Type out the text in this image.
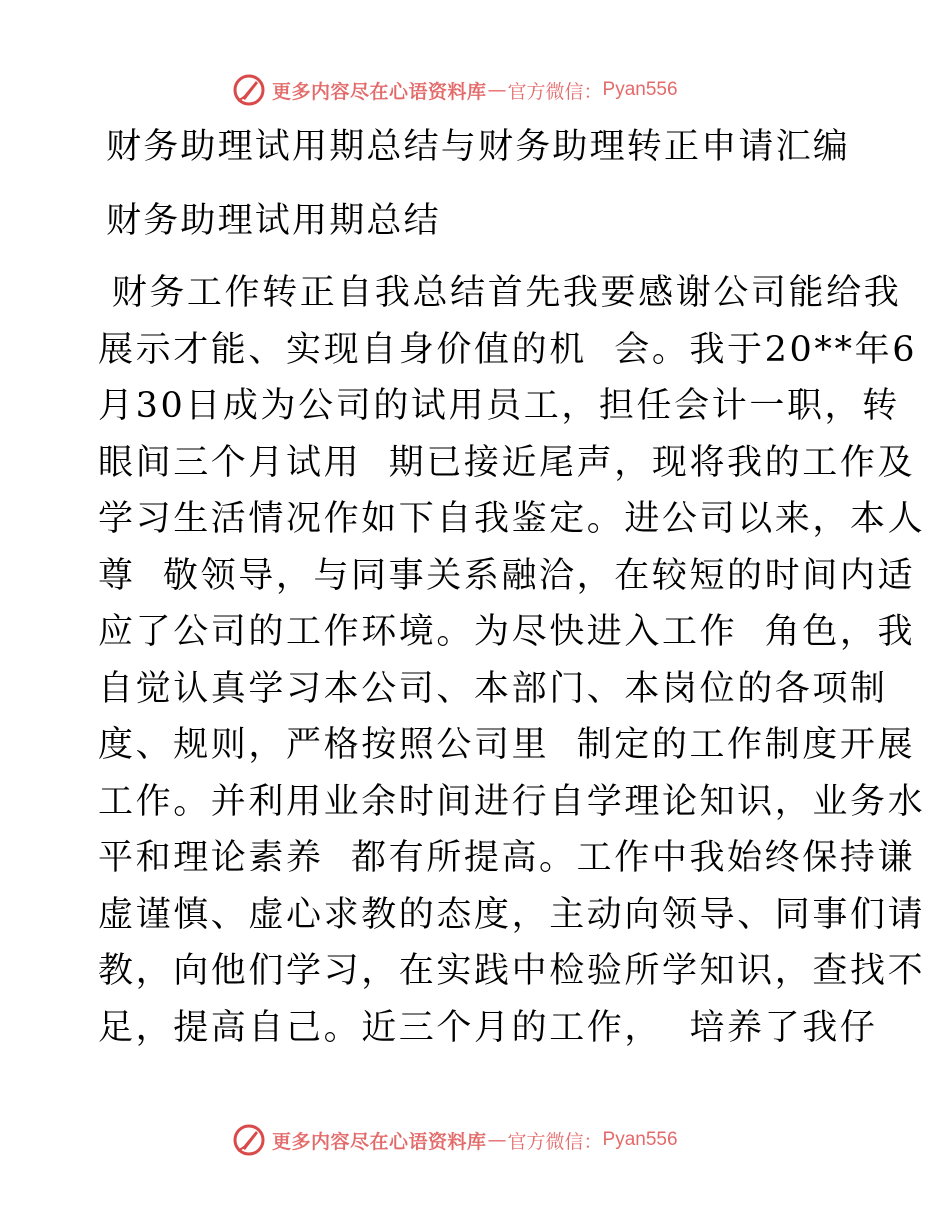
更多内容尽在心语资料库 — 官方微信： Pyan556
财务助理试用期总结与财务助理转正申请汇编
财务助理试用期总结
财务工作转正自我总结首先我要感谢公司能给我
展示才能、实现自身价值的机  会。我于20**年6
月30日成为公司的试用员工，担任会计一职，转
眼间三个月试用  期已接近尾声，现将我的工作及
学习生活情况作如下自我鉴定。进公司以来，本人
尊  敬领导，与同事关系融洽，在较短的时间内适
应了公司的工作环境。为尽快进入工作  角色，我
自觉认真学习本公司、本部门、本岗位的各项制
度、规则，严格按照公司里  制定的工作制度开展
工作。并利用业余时间进行自学理论知识，业务水
平和理论素养  都有所提高。工作中我始终保持谦
虚谨慎、虚心求教的态度，主动向领导、同事们请
教，向他们学习，在实践中检验所学知识，查找不
足，提高自己。近三个月的工作，  培养了我仔
更多内容尽在心语资料库 — 官方微信： Pyan556
